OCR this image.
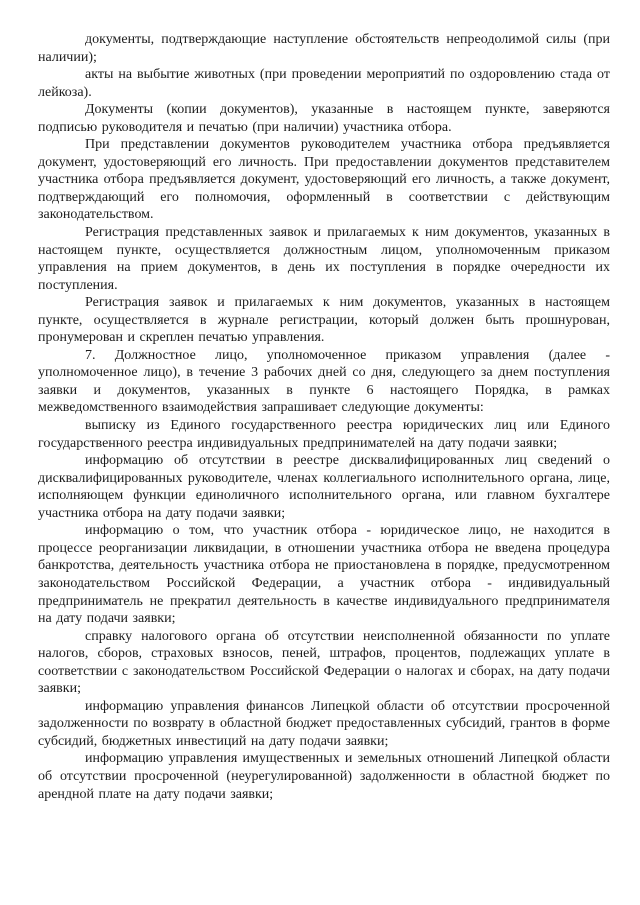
документы, подтверждающие наступление обстоятельств непреодолимой силы (при наличии);

акты на выбытие животных (при проведении мероприятий по оздоровлению стада от лейкоза).

Документы (копии документов), указанные в настоящем пункте, заверяются подписью руководителя и печатью (при наличии) участника отбора.

При представлении документов руководителем участника отбора предъявляется документ, удостоверяющий его личность. При предоставлении документов представителем участника отбора предъявляется документ, удостоверяющий его личность, а также документ, подтверждающий его полномочия, оформленный в соответствии с действующим законодательством.

Регистрация представленных заявок и прилагаемых к ним документов, указанных в настоящем пункте, осуществляется должностным лицом, уполномоченным приказом управления на прием документов, в день их поступления в порядке очередности их поступления.

Регистрация заявок и прилагаемых к ним документов, указанных в настоящем пункте, осуществляется в журнале регистрации, который должен быть прошнурован, пронумерован и скреплен печатью управления.

7. Должностное лицо, уполномоченное приказом управления (далее - уполномоченное лицо), в течение 3 рабочих дней со дня, следующего за днем поступления заявки и документов, указанных в пункте 6 настоящего Порядка, в рамках межведомственного взаимодействия запрашивает следующие документы:

выписку из Единого государственного реестра юридических лиц или Единого государственного реестра индивидуальных предпринимателей на дату подачи заявки;

информацию об отсутствии в реестре дисквалифицированных лиц сведений о дисквалифицированных руководителе, членах коллегиального исполнительного органа, лице, исполняющем функции единоличного исполнительного органа, или главном бухгалтере участника отбора на дату подачи заявки;

информацию о том, что участник отбора - юридическое лицо, не находится в процессе реорганизации ликвидации, в отношении участника отбора не введена процедура банкротства, деятельность участника отбора не приостановлена в порядке, предусмотренном законодательством Российской Федерации, а участник отбора - индивидуальный предприниматель не прекратил деятельность в качестве индивидуального предпринимателя на дату подачи заявки;

справку налогового органа об отсутствии неисполненной обязанности по уплате налогов, сборов, страховых взносов, пеней, штрафов, процентов, подлежащих уплате в соответствии с законодательством Российской Федерации о налогах и сборах, на дату подачи заявки;

информацию управления финансов Липецкой области об отсутствии просроченной задолженности по возврату в областной бюджет предоставленных субсидий, грантов в форме субсидий, бюджетных инвестиций на дату подачи заявки;

информацию управления имущественных и земельных отношений Липецкой области об отсутствии просроченной (неурегулированной) задолженности в областной бюджет по арендной плате на дату подачи заявки;
